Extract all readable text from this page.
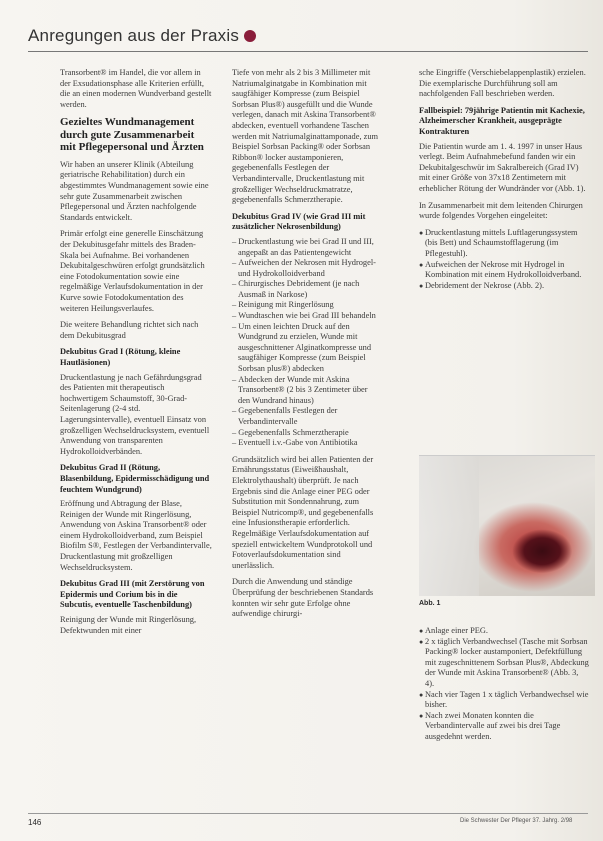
Anregungen aus der Praxis

Transorbent® im Handel, die vor allem in der Exsudationsphase alle Kriterien erfüllt, die an einen modernen Wundverband gestellt werden.

Gezieltes Wundmanagement durch gute Zusammenarbeit mit Pflegepersonal und Ärzten

Wir haben an unserer Klinik (Abteilung geriatrische Rehabilitation) durch ein abgestimmtes Wundmanagement sowie eine sehr gute Zusammenarbeit zwischen Pflegepersonal und Ärzten nachfolgende Standards entwickelt.

Primär erfolgt eine generelle Einschätzung der Dekubitusgefahr mittels des Braden-Skala bei Aufnahme. Bei vorhandenen Dekubitalgeschwüren erfolgt grundsätzlich eine Fotodokumentation sowie eine regelmäßige Verlaufsdokumentation in der Kurve sowie Fotodokumentation des weiteren Heilungsverlaufes.

Die weitere Behandlung richtet sich nach dem Dekubitusgrad

Dekubitus Grad I (Rötung, kleine Hautläsionen)

Druckentlastung je nach Gefährdungsgrad des Patienten mit therapeutisch hochwertigem Schaumstoff, 30-Grad-Seitenlagerung (2-4 std. Lagerungsintervalle), eventuell Einsatz von großzelligen Wechseldrucksystem, eventuell Anwendung von transparenten Hydrokolloidverbänden.

Dekubitus Grad II (Rötung, Blasenbildung, Epidermisschädigung und feuchtem Wundgrund)

Eröffnung und Abtragung der Blase, Reinigen der Wunde mit Ringerlösung, Anwendung von Askina Transorbent® oder einem Hydrokolloidverband, zum Beispiel Biofilm S®, Festlegen der Verbandintervalle, Druckentlastung mit großzelligen Wechseldrucksystem.

Dekubitus Grad III (mit Zerstörung von Epidermis und Corium bis in die Subcutis, eventuelle Taschenbildung)

Reinigung der Wunde mit Ringerlösung, Defektwunden mit einer

Tiefe von mehr als 2 bis 3 Millimeter mit Natriumalginatgabe in Kombination mit saugfähiger Kompresse (zum Beispiel Sorbsan Plus®) ausgefüllt und die Wunde verlegen, danach mit Askina Transorbent® abdecken, eventuell vorhandene Taschen werden mit Natriumalginattamponade, zum Beispiel Sorbsan Packing® oder Sorbsan Ribbon® locker austamponieren, gegebenenfalls Festlegen der Verbandintervalle, Druckentlastung mit großzelliger Wechseldruckmatratze, gegebenenfalls Schmerztherapie.

Dekubitus Grad IV (wie Grad III mit zusätzlicher Nekrosenbildung)
– Druckentlastung wie bei Grad II und III, angepaßt an das Patientengewicht
– Aufweichen der Nekrosen mit Hydrogel- und Hydrokolloidverband
– Chirurgisches Debridement (je nach Ausmaß in Narkose)
– Reinigung mit Ringerlösung
– Wundtaschen wie bei Grad III behandeln
– Um einen leichten Druck auf den Wundgrund zu erzielen, Wunde mit ausgeschnittener Alginatkompresse und saugfähiger Kompresse (zum Beispiel Sorbsan plus®) abdecken
– Abdecken der Wunde mit Askina Transorbent® (2 bis 3 Zentimeter über den Wundrand hinaus)
– Gegebenenfalls Festlegen der Verbandintervalle
– Gegebenenfalls Schmerztherapie
– Eventuell i.v.-Gabe von Antibiotika

Grundsätzlich wird bei allen Patienten der Ernährungsstatus (Eiweißhaushalt, Elektrolythaushalt) überprüft. Je nach Ergebnis sind die Anlage einer PEG oder Substitution mit Sondennahrung, zum Beispiel Nutricomp®, und gegebenenfalls eine Infusionstherapie erforderlich. Regelmäßige Verlaufsdokumentation auf speziell entwickeltem Wundprotokoll und Fotoverlaufsdokumentation sind unerlässlich.

Durch die Anwendung und ständige Überprüfung der beschriebenen Standards konnten wir sehr gute Erfolge ohne aufwendige chirurgi-

sche Eingriffe (Verschiebelappenplastik) erzielen. Die exemplarische Durchführung soll am nachfolgenden Fall beschrieben werden.

Fallbeispiel: 79jährige Patientin mit Kachexie, Alzheimerscher Krankheit, ausgeprägte Kontrakturen

Die Patientin wurde am 1. 4. 1997 in unser Haus verlegt. Beim Aufnahmebefund fanden wir ein Dekubitalgeschwür im Sakralbereich (Grad IV) mit einer Größe von 37x18 Zentimetern mit erheblicher Rötung der Wundränder vor (Abb. 1).

In Zusammenarbeit mit dem leitenden Chirurgen wurde folgendes Vorgehen eingeleitet:

● Druckentlastung mittels Luftlagerungssystem (bis Bett) und Schaumstofflagerung (im Pflegestuhl).
● Aufweichen der Nekrose mit Hydrogel in Kombination mit einem Hydrokolloidverband.
● Debridement der Nekrose (Abb. 2).
Abb. 1
● Anlage einer PEG.
● 2 x täglich Verbandwechsel (Tasche mit Sorbsan Packing® locker austamponiert, Defektfüllung mit zugeschnittenem Sorbsan Plus®, Abdeckung der Wunde mit Askina Transorbent® (Abb. 3, 4).
● Nach vier Tagen 1 x täglich Verbandwechsel wie bisher.
● Nach zwei Monaten konnten die Verbandintervalle auf zwei bis drei Tage ausgedehnt werden.
146	Die Schwester Der Pfleger 37. Jahrg. 2/98
